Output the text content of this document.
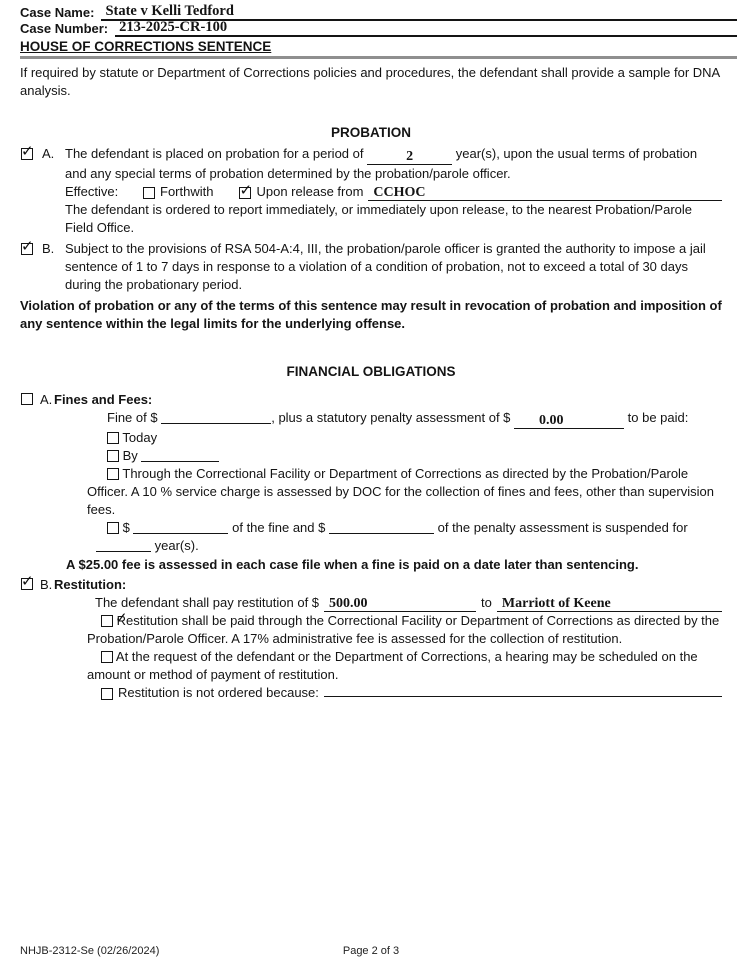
Case Name: State v Kelli Tedford
Case Number: 213-2025-CR-100
HOUSE OF CORRECTIONS SENTENCE

If required by statute or Department of Corrections policies and procedures, the defendant shall provide a sample for DNA analysis.

PROBATION
✓
A. The defendant is placed on probation for a period of	2	year(s), upon the usual terms of probation and any special terms of probation determined by the probation/parole officer.
Effective:	Forthwith ✓	Upon release from CCHOC
The defendant is ordered to report immediately, or immediately upon release, to the nearest Probation/Parole Field Office.
✓
B. Subject to the provisions of RSA 504-A:4, III, the probation/parole officer is granted the authority to impose a jail sentence of 1 to 7 days in response to a violation of a condition of probation, not to exceed a total of 30 days during the probationary period.

Violation of probation or any of the terms of this sentence may result in revocation of probation and imposition of any sentence within the legal limits for the underlying offense.

FINANCIAL OBLIGATIONS
A. Fines and Fees:

Fine of $	, plus a statutory penalty assessment of $ 0.00	to be paid:

Today

By

Through the Correctional Facility or Department of Corrections as directed by the Probation/Parole Officer. A 10 % service charge is assessed by DOC for the collection of fines and fees, other than supervision fees.

$	of the fine and $	of the penalty assessment is suspended for

year(s).

A $25.00 fee is assessed in each case file when a fine is paid on a date later than sentencing.

✓
B. Restitution:
The defendant shall pay restitution of $ 500.00	to Marriott of Keene

✓ Restitution shall be paid through the Correctional Facility or Department of Corrections as directed by the Probation/Parole Officer. A 17% administrative fee is assessed for the collection of restitution.

At the request of the defendant or the Department of Corrections, a hearing may be scheduled on the amount or method of payment of restitution.

Restitution is not ordered because:
NHJB-2312-Se (02/26/2024)	Page 2 of 3
